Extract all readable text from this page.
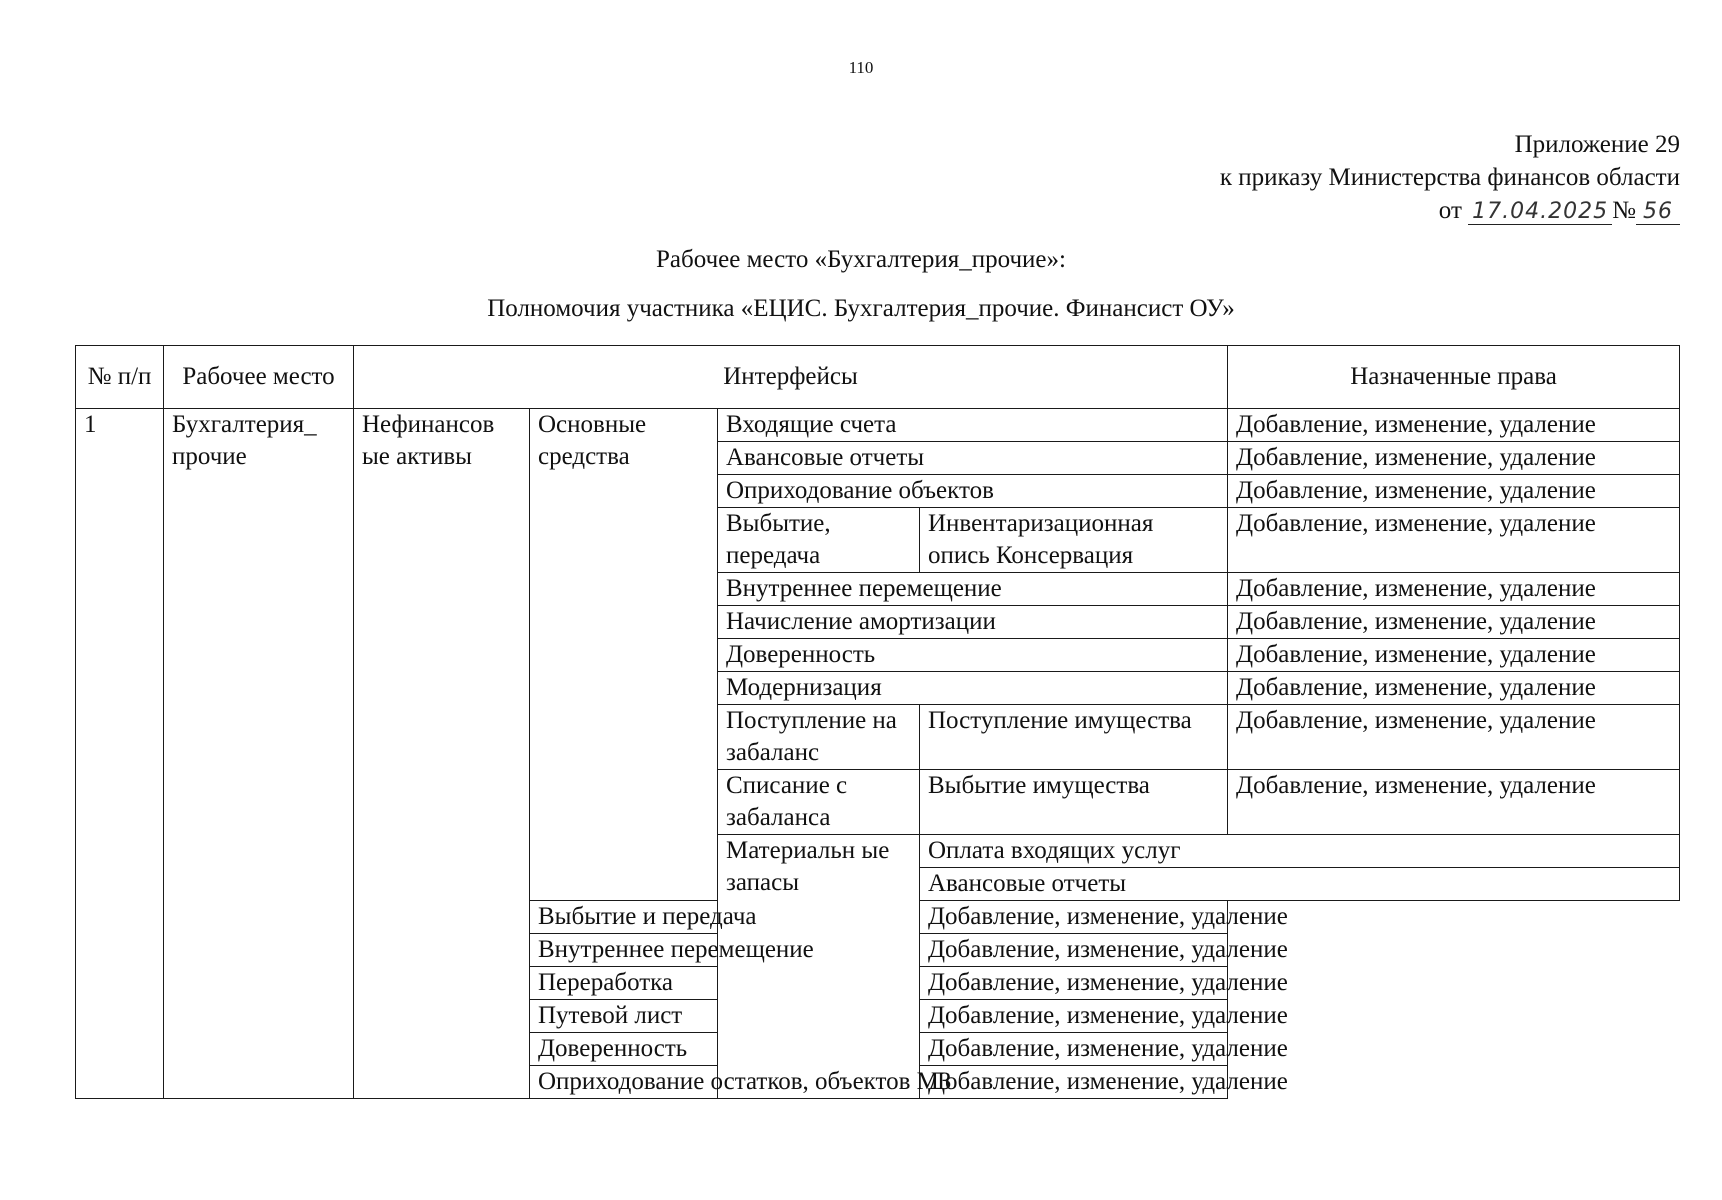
110
Приложение 29
к приказу Министерства финансов области
от 17.04.2025 № 56
Рабочее место «Бухгалтерия_прочие»:
Полномочия участника «ЕЦИС. Бухгалтерия_прочие. Финансист ОУ»
№ п/п	Рабочее место	Интерфейсы				Назначенные права	
1	Бухгалтерия_ прочие	Нефинансов ые активы	Основные средства	Входящие счета		Добавление, изменение, удаление	
				Авансовые отчеты		Добавление, изменение, удаление	
				Оприходование объектов		Добавление, изменение, удаление	
				Выбытие, передача	Инвентаризационная опись Консервация	Добавление, изменение, удаление	
				Внутреннее перемещение		Добавление, изменение, удаление	
				Начисление амортизации		Добавление, изменение, удаление	
				Доверенность		Добавление, изменение, удаление	
				Модернизация		Добавление, изменение, удаление	
				Поступление на забаланс	Поступление имущества	Добавление, изменение, удаление	
				Списание с забаланса	Выбытие имущества	Добавление, изменение, удаление	
				Материальн ые запасы	Оплата входящих услуг	
					Авансовые отчеты	
			Выбытие и передача		Добавление, изменение, удаление		
			Внутреннее перемещение		Добавление, изменение, удаление		
			Переработка		Добавление, изменение, удаление		
			Путевой лист		Добавление, изменение, удаление		
			Доверенность		Добавление, изменение, удаление		
			Оприходование остатков, объектов МЗ		Добавление, изменение, удаление		
